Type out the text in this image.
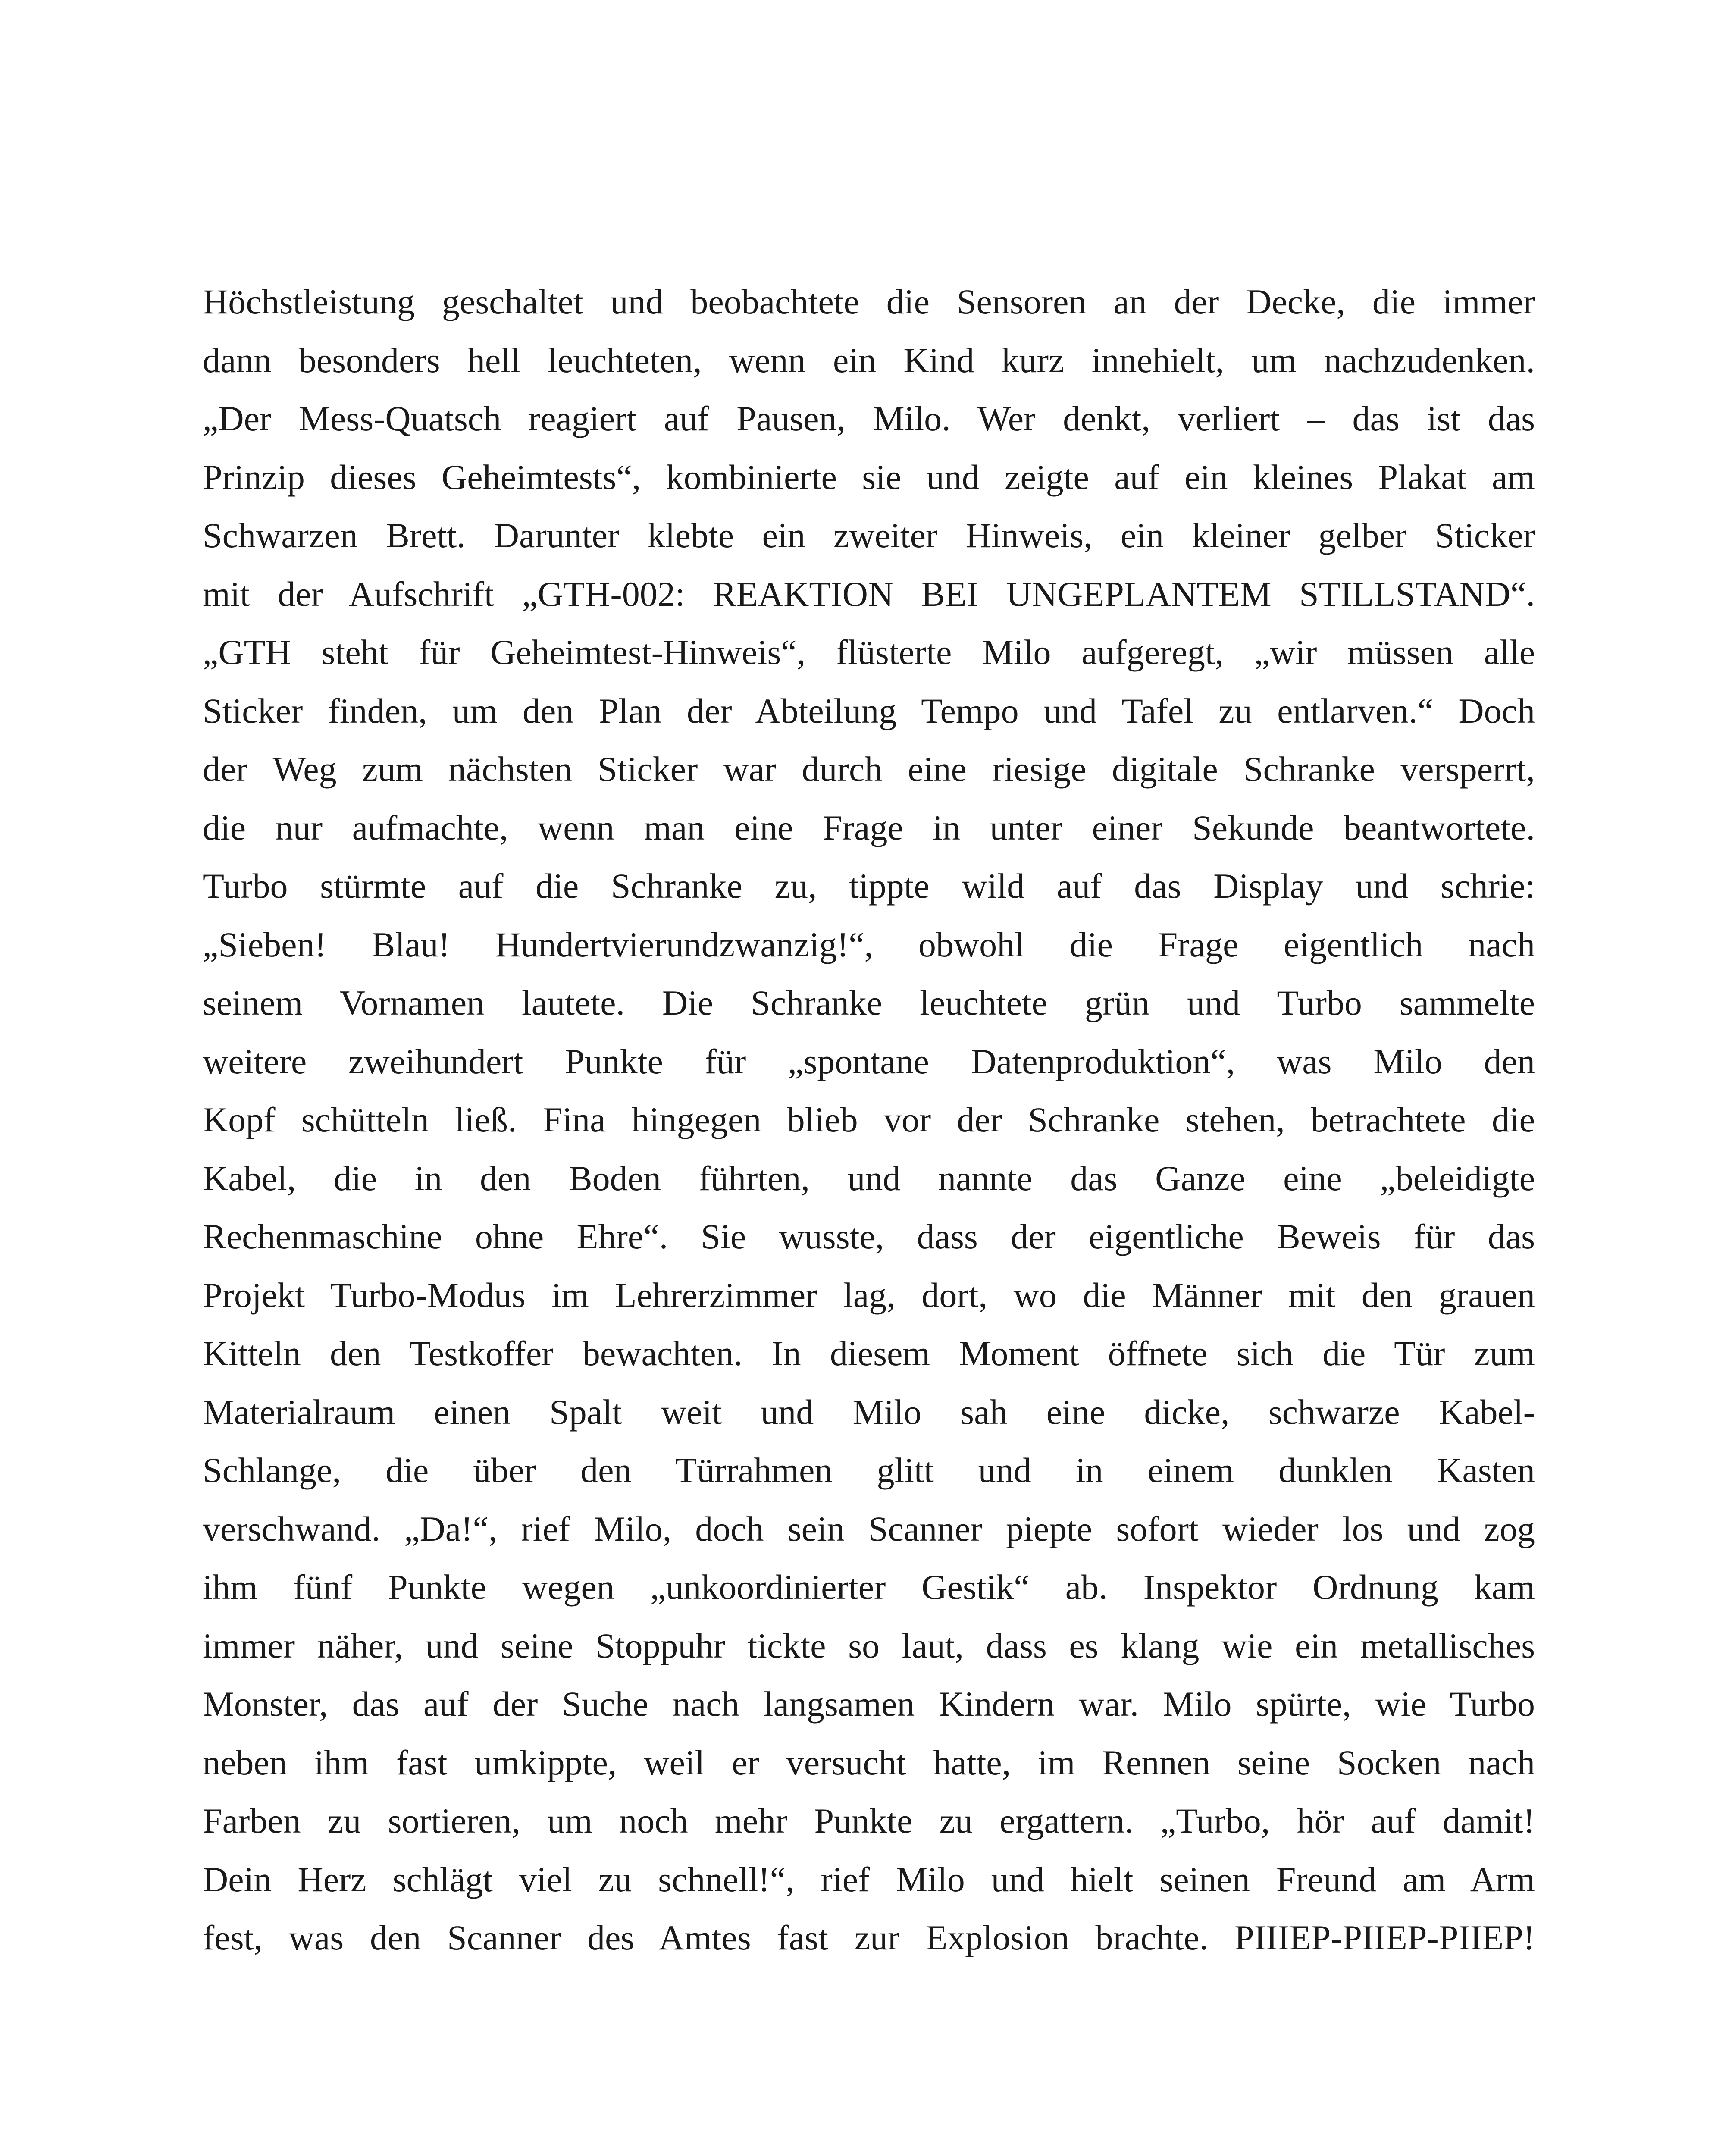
Höchstleistung geschaltet und beobachtete die Sensoren an der Decke, die immer
dann besonders hell leuchteten, wenn ein Kind kurz innehielt, um nachzudenken.
„Der Mess-Quatsch reagiert auf Pausen, Milo. Wer denkt, verliert – das ist das
Prinzip dieses Geheimtests“, kombinierte sie und zeigte auf ein kleines Plakat am
Schwarzen Brett. Darunter klebte ein zweiter Hinweis, ein kleiner gelber Sticker
mit der Aufschrift „GTH-002: REAKTION BEI UNGEPLANTEM STILLSTAND“.
„GTH steht für Geheimtest-Hinweis“, flüsterte Milo aufgeregt, „wir müssen alle
Sticker finden, um den Plan der Abteilung Tempo und Tafel zu entlarven.“ Doch
der Weg zum nächsten Sticker war durch eine riesige digitale Schranke versperrt,
die nur aufmachte, wenn man eine Frage in unter einer Sekunde beantwortete.
Turbo stürmte auf die Schranke zu, tippte wild auf das Display und schrie:
„Sieben! Blau! Hundertvierundzwanzig!“, obwohl die Frage eigentlich nach
seinem Vornamen lautete. Die Schranke leuchtete grün und Turbo sammelte
weitere zweihundert Punkte für „spontane Datenproduktion“, was Milo den
Kopf schütteln ließ. Fina hingegen blieb vor der Schranke stehen, betrachtete die
Kabel, die in den Boden führten, und nannte das Ganze eine „beleidigte
Rechenmaschine ohne Ehre“. Sie wusste, dass der eigentliche Beweis für das
Projekt Turbo-Modus im Lehrerzimmer lag, dort, wo die Männer mit den grauen
Kitteln den Testkoffer bewachten. In diesem Moment öffnete sich die Tür zum
Materialraum einen Spalt weit und Milo sah eine dicke, schwarze Kabel-
Schlange, die über den Türrahmen glitt und in einem dunklen Kasten
verschwand. „Da!“, rief Milo, doch sein Scanner piepte sofort wieder los und zog
ihm fünf Punkte wegen „unkoordinierter Gestik“ ab. Inspektor Ordnung kam
immer näher, und seine Stoppuhr tickte so laut, dass es klang wie ein metallisches
Monster, das auf der Suche nach langsamen Kindern war. Milo spürte, wie Turbo
neben ihm fast umkippte, weil er versucht hatte, im Rennen seine Socken nach
Farben zu sortieren, um noch mehr Punkte zu ergattern. „Turbo, hör auf damit!
Dein Herz schlägt viel zu schnell!“, rief Milo und hielt seinen Freund am Arm
fest, was den Scanner des Amtes fast zur Explosion brachte. PIIIEP-PIIEP-PIIEP!
